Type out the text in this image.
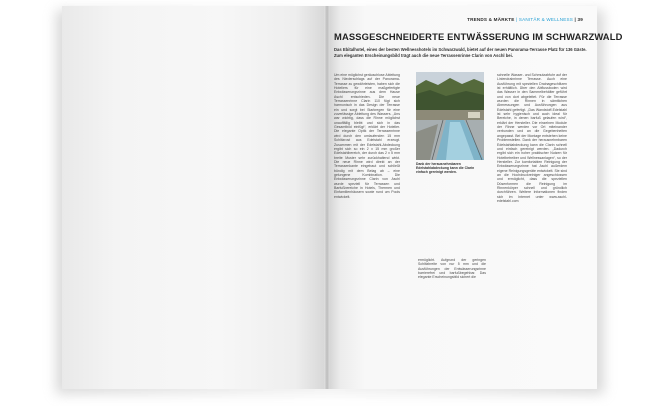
TRENDS & MÄRKTE | SANITÄR & WELLNESS | 39
MASSGESCHNEIDERTE ENTWÄSSERUNG IM SCHWARZWALD
Das Ebitalhotel, eines der besten Wellnesshotels im Schwarzwald, bietet auf der neuen Panorama-Terrasse Platz für 136 Gäste. Zum eleganten Erscheinungsbild trägt auch die neue Terrassenrinne Clarin von Aschl bei.
Um eine möglichst geräuschlose Ableitung des Niederschlags auf der Panorama-Terrasse zu gewährleisten, haben sich die Hoteliers für eine maßgefertigte Entwässerungsrinne aus dem Hause Aschl entschieden. Die neue Terrassenrinne Clarin 110 fügt sich harmonisch in das Design der Terrasse ein und sorgt bei Starkregen für eine zuverlässige Ableitung des Wassers. „Uns war wichtig, dass die Rinne möglichst unauffällig bleibt und sich in das Gesamtbild einfügt“, erklärt der Hotelier. Die elegante Optik der Terrassenrinne wird durch den umlaufenden 15 mm Schlitzrost aus Edelstahl erzeugt. Zusammen mit der Edelstahl-Abdeckung ergibt sich so ein 2 x 15 mm großer Edelstahlbereich, der durch das 2 x 5 mm breite Muster sehr zurückhaltend wirkt. Die neue Rinne wird direkt an der Terrassenkante eingebaut und schließt bündig mit dem Belag ab – eine gelungene Kombination. Die Entwässerungsrinne Clarin von Aschl wurde speziell für Terrassen und Barfußbereiche in Hotels, Thermen und Einfamilienhäusern sowie rund um Pools entwickelt.
Dank der herausnehmbaren Edelstahlabdeckung kann die Clarin einfach gereinigt werden.
ermöglicht. Aufgrund der geringen Schlitzbreite von nur 5 mm und die Ausführungen der Entwässerungsrinne barrierefrei und barfußbegehbar. Das elegante Erscheinungsbild sichert die
schnelle Wasser- und Schmutzabfuhr auf der Liniendrainrinne Terrasse. Auch eine Ausführung mit speziellen Drainageschlitzen ist erhältlich. Über den Abflussboden wird das Wasser in den Sammelbehälter geführt und von dort abgeleitet. Für die Terrasse wurden die Rinnen in sämtlichen Abmessungen und Ausführungen aus Edelstahl gefertigt. „Das Wandstoff-Edelstahl ist sehr hygienisch und auch ideal für Bereiche, in denen barfuß gelaufen wird“, erklärt der Hersteller. Die einzelnen Module der Rinne werden vor Ort miteinander verbunden und an die Gegebenheiten angepasst. Bei der Montage entstehen keine Problemstellen. Dank der herausnehmbaren Edelstahlabdeckung kann die Clarin schnell und einfach gereinigt werden. „Dadurch ergibt sich ein hoher praktischer Nutzen für Hotelbetreiber und Wellnessanlagen“, so der Hersteller. Zur komfortablen Reinigung der Entwässerungsrinne hat Aschl außerdem eigene Reinigungsgeräte entwickelt. Sie sind an die Hochdruckreiniger angeschlossen und ermöglicht, dass die speziellen Düsenformen die Reinigung im Rinnenkörper schnell und gründlich durchführen. Weitere Informationen finden sich im Internet unter www.aschl-edelstahl.com
